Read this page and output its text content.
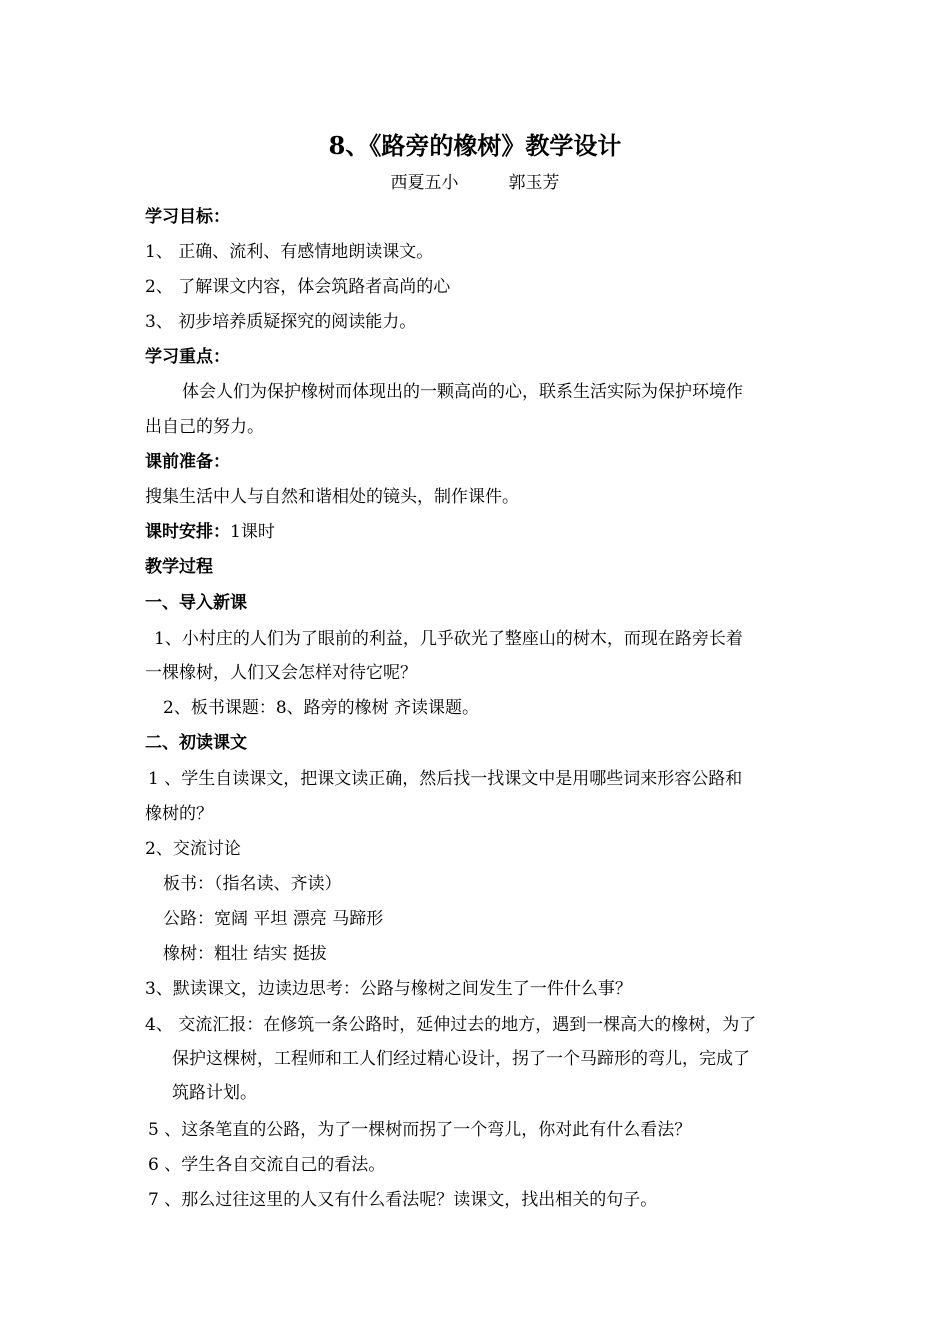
8、《路旁的橡树》教学设计
西夏五小	郭玉芳
学习目标：
1、 正确、流利、有感情地朗读课文。
2、 了解课文内容，体会筑路者高尚的心
3、 初步培养质疑探究的阅读能力。
学习重点：
体会人们为保护橡树而体现出的一颗高尚的心，联系生活实际为保护环境作
出自己的努力。
课前准备：
搜集生活中人与自然和谐相处的镜头，制作课件。
课时安排：1课时
教学过程
一、导入新课
1、小村庄的人们为了眼前的利益，几乎砍光了整座山的树木，而现在路旁长着
一棵橡树，人们又会怎样对待它呢？
2、板书课题：8、路旁的橡树 齐读课题。
二、初读课文
1 、学生自读课文，把课文读正确，然后找一找课文中是用哪些词来形容公路和
橡树的？
2、交流讨论
板书：（指名读、齐读）
公路：宽阔 平坦 漂亮 马蹄形
橡树：粗壮 结实 挺拔
3、默读课文，边读边思考：公路与橡树之间发生了一件什么事？
4、 交流汇报：在修筑一条公路时，延伸过去的地方，遇到一棵高大的橡树，为了
保护这棵树，工程师和工人们经过精心设计，拐了一个马蹄形的弯儿，完成了
筑路计划。
5 、这条笔直的公路，为了一棵树而拐了一个弯儿，你对此有什么看法？
6 、学生各自交流自己的看法。
7 、那么过往这里的人又有什么看法呢？读课文，找出相关的句子。
